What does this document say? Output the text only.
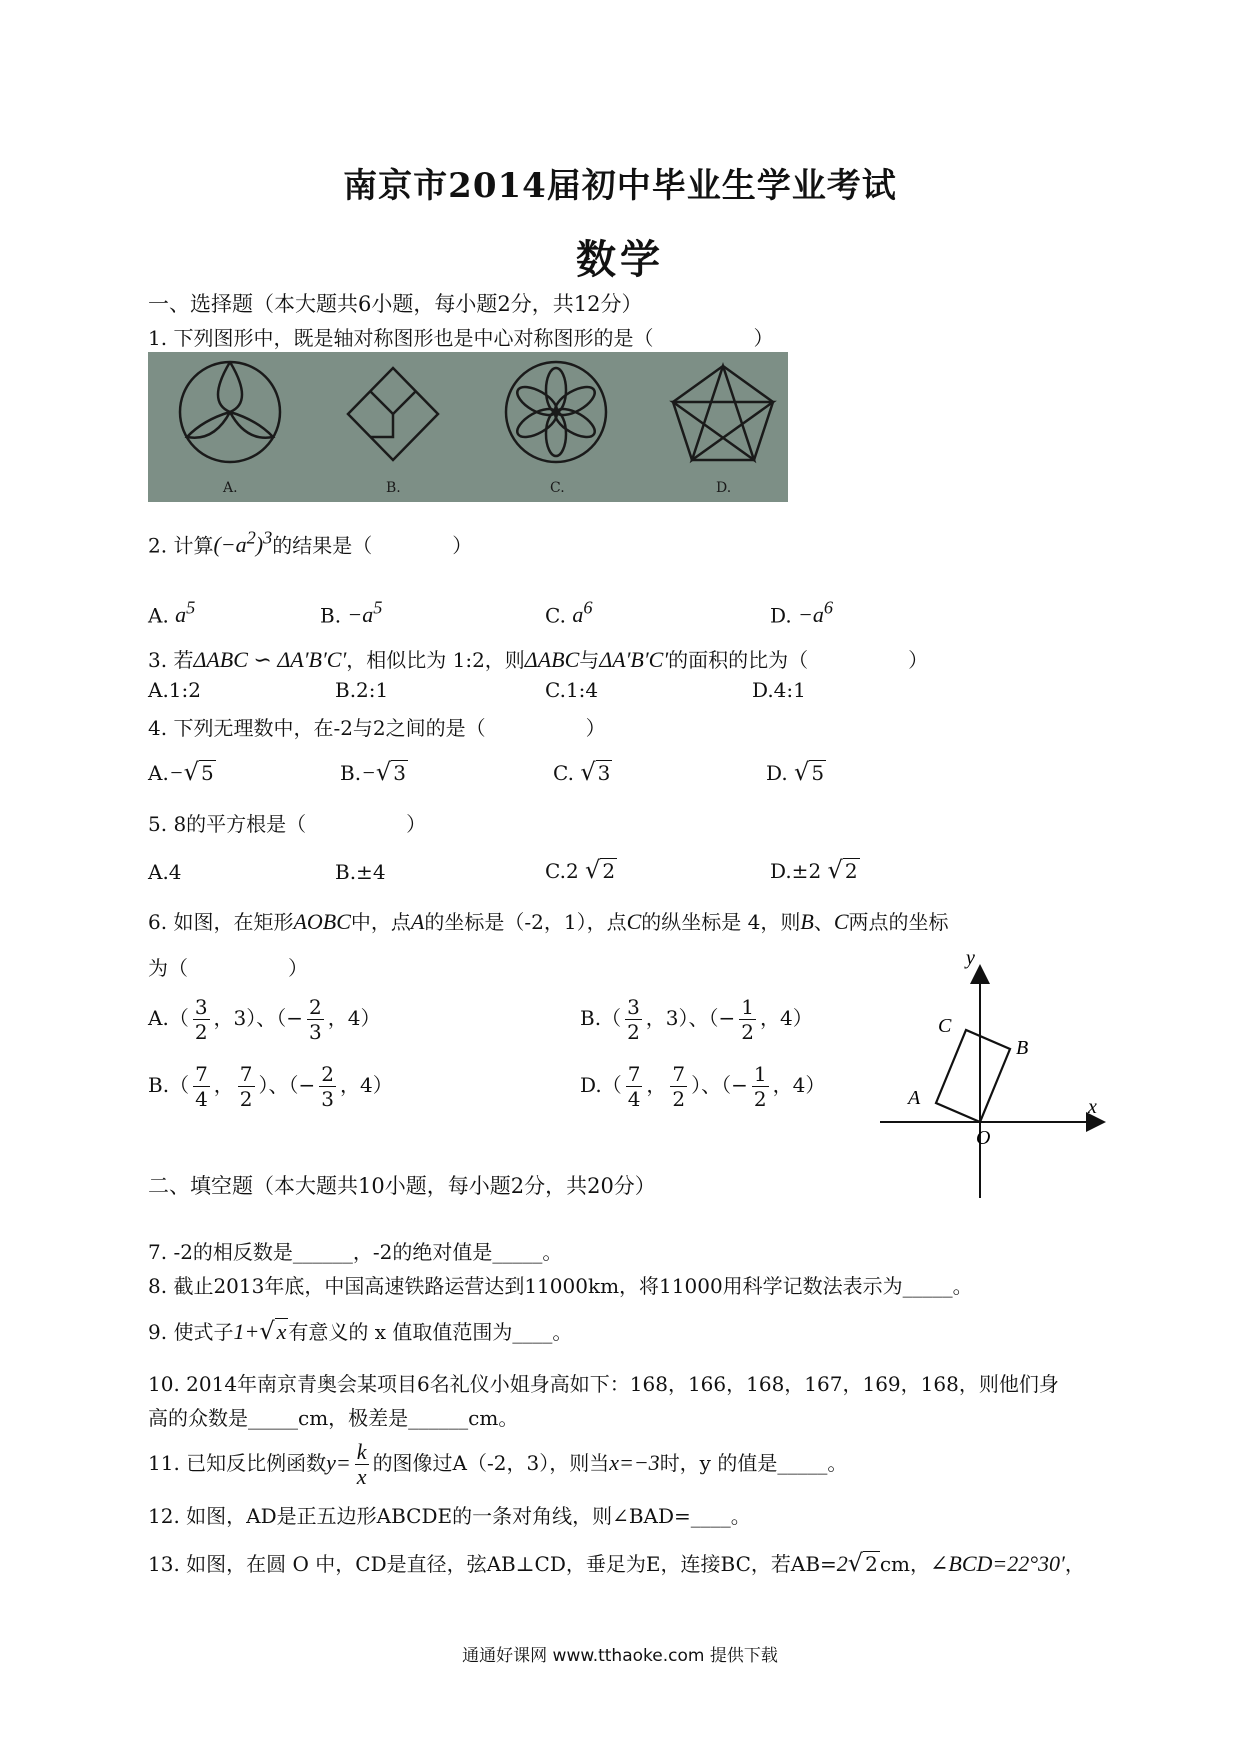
南京市2014届初中毕业生学业考试
数学
一、选择题（本大题共6小题，每小题2分，共12分）
1. 下列图形中，既是轴对称图形也是中心对称图形的是（　　　　　）
A.	B.	C.	D.
2. 计算$(-a^2)^3$的结果是（　　　　）
A. $a^5$	B. $-a^5$	C. $a^6$	D. $-a^6$
3. 若ΔABC ∽ ΔA′B′C′，相似比为 1:2，则ΔABC与ΔA′B′C′的面积的比为（　　　　　）
A.1:2	B.2:1	C.1:4	D.4:1
4. 下列无理数中，在-2与2之间的是（　　　　　）
A.−√ 5	B.−√ 3	C. √ 3	D. √ 5
5. 8的平方根是（　　　　　）
A.4	B.±4	C.2 √ 2	D.±2 √ 2
6. 如图，在矩形AOBC中，点A的坐标是（-2，1），点C的纵坐标是 4，则B、C两点的坐标
为（　　　　　）
$A.( \frac{3}{2}$ ，3）、（− $\frac{2}{3}$ ，4）	$B.( \frac{3}{2}$ ，3）、（− $\frac{1}{2}$ ，4）
$B.( \frac{7}{4}$ ， $\frac{7}{2}$ ）、（− $\frac{2}{3}$ ，4）	$D.( \frac{7}{4}$ ， $\frac{7}{2}$ ）、（− $\frac{1}{2}$ ，4）
y
x
C
B
A
O
二、填空题（本大题共10小题，每小题2分，共20分）
7. -2的相反数是______，-2的绝对值是_____。
8. 截止2013年底，中国高速铁路运营达到11000km，将11000用科学记数法表示为_____。
9. 使式子1+√x 有意义的 x 值取值范围为____。
10. 2014年南京青奥会某项目6名礼仪小姐身高如下：168，166，168，167，169，168，则他们身
高的众数是_____cm，极差是______cm。
11. 已知反比例函数$y= \frac{k}{x}$ 的图像过A（-2，3），则当x=−3时，y 的值是_____。
12. 如图，AD是正五边形ABCDE的一条对角线，则∠BAD=____。
13. 如图，在圆 O 中，CD是直径，弦AB⊥CD，垂足为E，连接BC，若AB=2√ 2 cm，∠BCD=22°30′，
通通好课网 www.tthaoke.com 提供下载
